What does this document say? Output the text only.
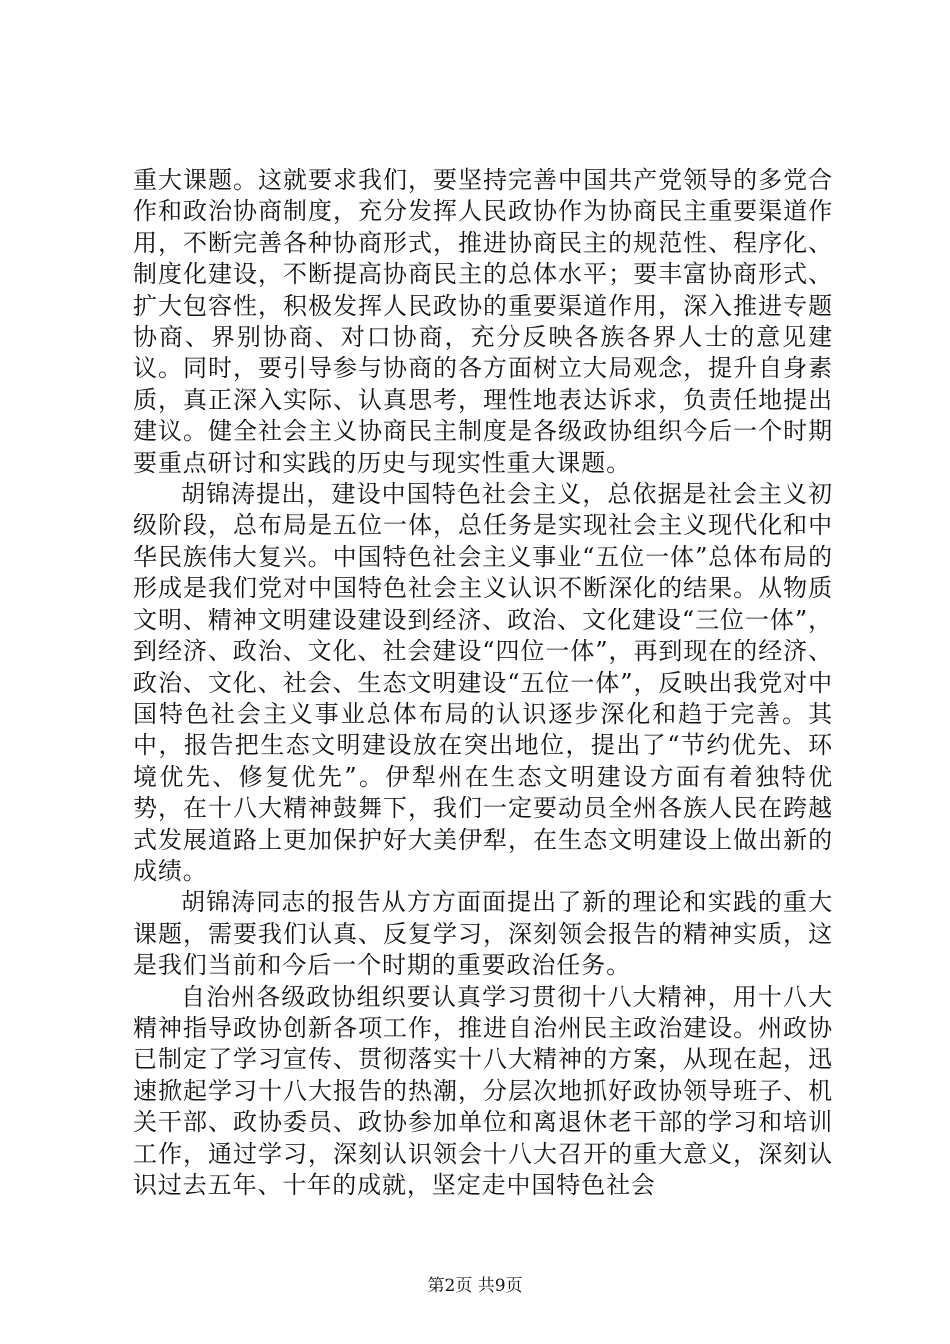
重大课题。这就要求我们，要坚持完善中国共产党领导的多党合作和政治协商制度，充分发挥人民政协作为协商民主重要渠道作用，不断完善各种协商形式，推进协商民主的规范性、程序化、制度化建设，不断提高协商民主的总体水平；要丰富协商形式、扩大包容性，积极发挥人民政协的重要渠道作用，深入推进专题协商、界别协商、对口协商，充分反映各族各界人士的意见建议。同时，要引导参与协商的各方面树立大局观念，提升自身素质，真正深入实际、认真思考，理性地表达诉求，负责任地提出建议。健全社会主义协商民主制度是各级政协组织今后一个时期要重点研讨和实践的历史与现实性重大课题。

胡锦涛提出，建设中国特色社会主义，总依据是社会主义初级阶段，总布局是五位一体，总任务是实现社会主义现代化和中华民族伟大复兴。中国特色社会主义事业“五位一体”总体布局的形成是我们党对中国特色社会主义认识不断深化的结果。从物质文明、精神文明建设建设到经济、政治、文化建设“三位一体”，到经济、政治、文化、社会建设“四位一体”，再到现在的经济、政治、文化、社会、生态文明建设“五位一体”，反映出我党对中国特色社会主义事业总体布局的认识逐步深化和趋于完善。其中，报告把生态文明建设放在突出地位，提出了“节约优先、环境优先、修复优先”。伊犁州在生态文明建设方面有着独特优势，在十八大精神鼓舞下，我们一定要动员全州各族人民在跨越式发展道路上更加保护好大美伊犁，在生态文明建设上做出新的成绩。

胡锦涛同志的报告从方方面面提出了新的理论和实践的重大课题，需要我们认真、反复学习，深刻领会报告的精神实质，这是我们当前和今后一个时期的重要政治任务。

自治州各级政协组织要认真学习贯彻十八大精神，用十八大精神指导政协创新各项工作，推进自治州民主政治建设。州政协已制定了学习宣传、贯彻落实十八大精神的方案，从现在起，迅速掀起学习十八大报告的热潮，分层次地抓好政协领导班子、机关干部、政协委员、政协参加单位和离退休老干部的学习和培训工作，通过学习，深刻认识领会十八大召开的重大意义，深刻认识过去五年、十年的成就，坚定走中国特色社会

第2页 共9页
